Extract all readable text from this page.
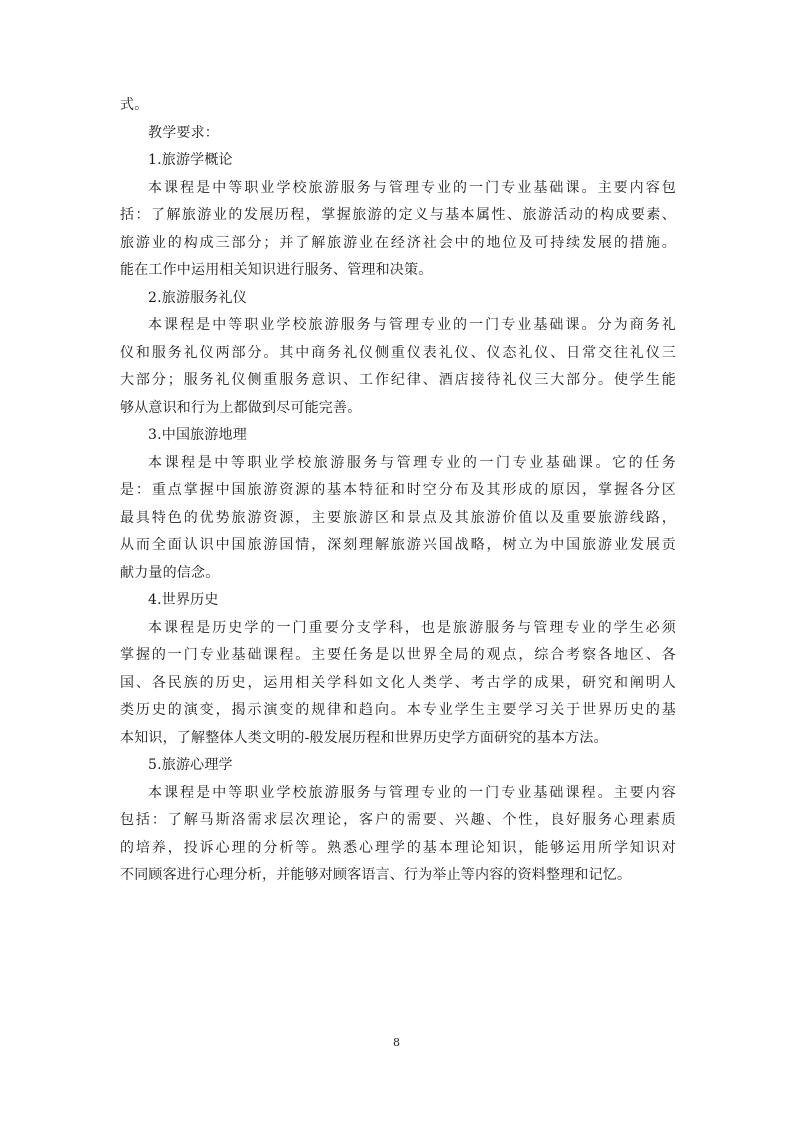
式。
教学要求：
1.旅游学概论
本课程是中等职业学校旅游服务与管理专业的一门专业基础课。主要内容包
括：了解旅游业的发展历程，掌握旅游的定义与基本属性、旅游活动的构成要素、
旅游业的构成三部分；并了解旅游业在经济社会中的地位及可持续发展的措施。
能在工作中运用相关知识进行服务、管理和决策。
2.旅游服务礼仪
本课程是中等职业学校旅游服务与管理专业的一门专业基础课。分为商务礼
仪和服务礼仪两部分。其中商务礼仪侧重仪表礼仪、仪态礼仪、日常交往礼仪三
大部分；服务礼仪侧重服务意识、工作纪律、酒店接待礼仪三大部分。使学生能
够从意识和行为上都做到尽可能完善。
3.中国旅游地理
本课程是中等职业学校旅游服务与管理专业的一门专业基础课。它的任务
是：重点掌握中国旅游资源的基本特征和时空分布及其形成的原因，掌握各分区
最具特色的优势旅游资源，主要旅游区和景点及其旅游价值以及重要旅游线路，
从而全面认识中国旅游国情，深刻理解旅游兴国战略，树立为中国旅游业发展贡
献力量的信念。
4.世界历史
本课程是历史学的一门重要分支学科，也是旅游服务与管理专业的学生必须
掌握的一门专业基础课程。主要任务是以世界全局的观点，综合考察各地区、各
国、各民族的历史，运用相关学科如文化人类学、考古学的成果，研究和阐明人
类历史的演变，揭示演变的规律和趋向。本专业学生主要学习关于世界历史的基
本知识，了解整体人类文明的-般发展历程和世界历史学方面研究的基本方法。
5.旅游心理学
本课程是中等职业学校旅游服务与管理专业的一门专业基础课程。主要内容
包括：了解马斯洛需求层次理论，客户的需要、兴趣、个性，良好服务心理素质
的培养，投诉心理的分析等。熟悉心理学的基本理论知识，能够运用所学知识对
不同顾客进行心理分析，并能够对顾客语言、行为举止等内容的资料整理和记忆。
8
